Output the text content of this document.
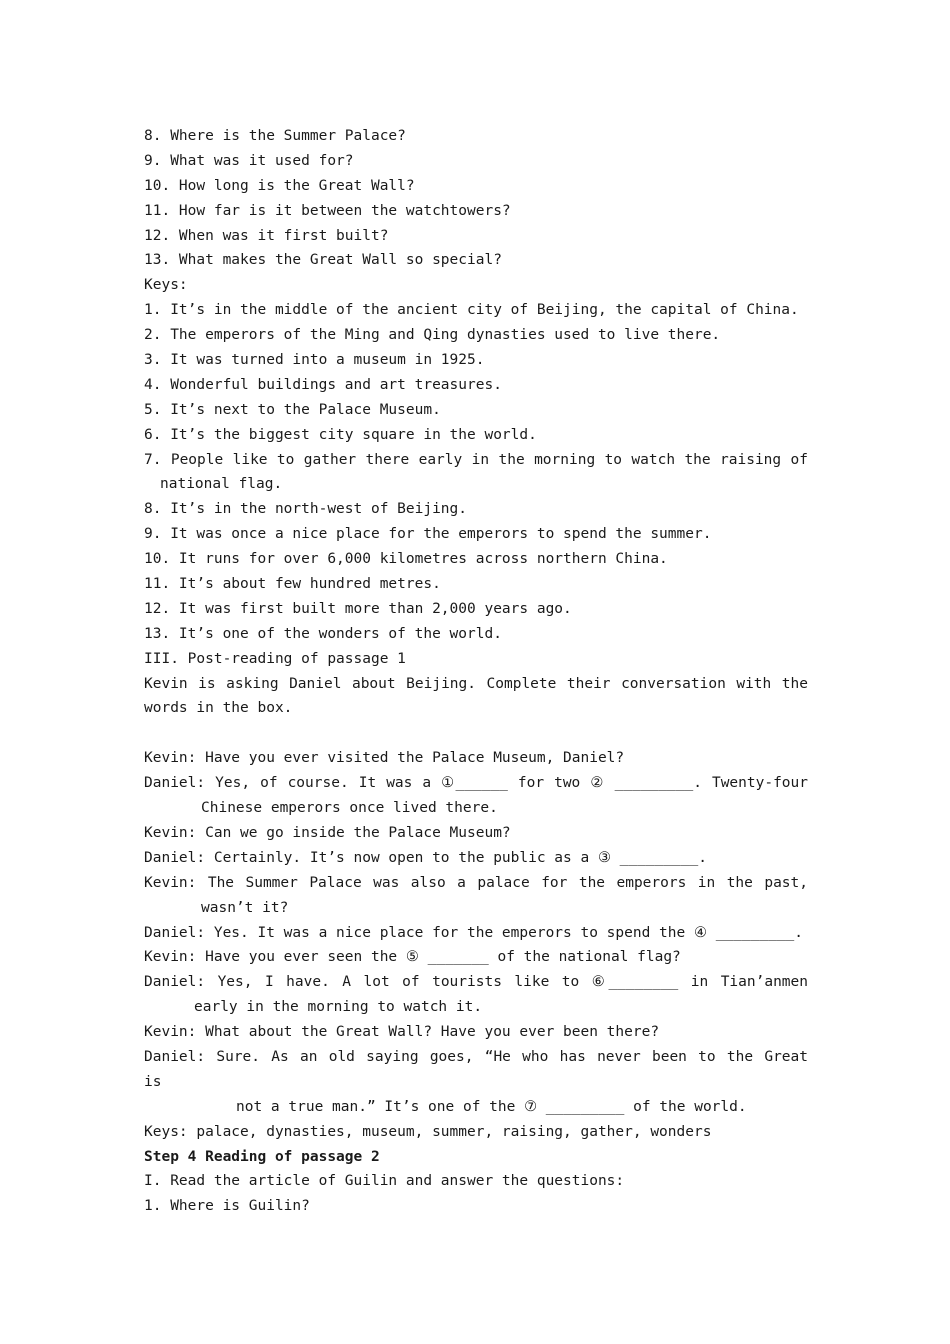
8. Where is the Summer Palace?
9. What was it used for?
10. How long is the Great Wall?
11. How far is it between the watchtowers?
12. When was it first built?
13. What makes the Great Wall so special?
Keys:
1. It’s in the middle of the ancient city of Beijing, the capital of China.
2. The emperors of the Ming and Qing dynasties used to live there.
3. It was turned into a museum in 1925.
4. Wonderful buildings and art treasures.
5. It’s next to the Palace Museum.
6. It’s the biggest city square in the world.
7. People like to gather there early in the morning to watch the raising of
national flag.
8. It’s in the north-west of Beijing.
9. It was once a nice place for the emperors to spend the summer.
10. It runs for over 6,000 kilometres across northern China.
11. It’s about few hundred metres.
12. It was first built more than 2,000 years ago.
13. It’s one of the wonders of the world.
III. Post-reading of passage 1
Kevin is asking Daniel about Beijing. Complete their conversation with the
words in the box.
Kevin: Have you ever visited the Palace Museum, Daniel?
Daniel: Yes, of course. It was a ①______ for two ② _________. Twenty-four
Chinese emperors once lived there.
Kevin: Can we go inside the Palace Museum?
Daniel: Certainly. It’s now open to the public as a ③ _________.
Kevin: The Summer Palace was also a palace for the emperors in the past,
wasn’t it?
Daniel: Yes. It was a nice place for the emperors to spend the ④ _________.
Kevin: Have you ever seen the ⑤ _______ of the national flag?
Daniel: Yes, I have. A lot of tourists like to ⑥________ in Tian’anmen
early in the morning to watch it.
Kevin: What about the Great Wall? Have you ever been there?
Daniel: Sure. As an old saying goes, “He who has never been to the Great
is
not a true man.” It’s one of the ⑦ _________ of the world.
Keys: palace, dynasties, museum, summer, raising, gather, wonders
Step 4 Reading of passage 2
I. Read the article of Guilin and answer the questions:
1. Where is Guilin?
